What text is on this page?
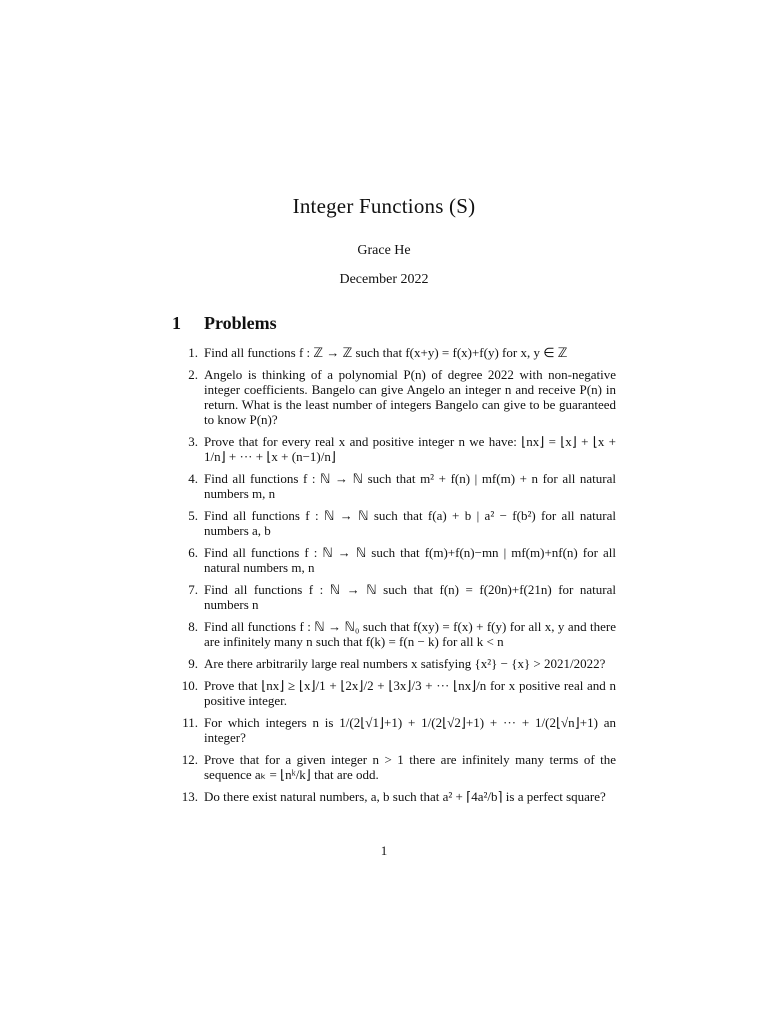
Integer Functions (S)
Grace He
December 2022
1 Problems
1. Find all functions f : ℤ → ℤ such that f(x+y) = f(x)+f(y) for x, y ∈ ℤ
2. Angelo is thinking of a polynomial P(n) of degree 2022 with non-negative integer coefficients. Bangelo can give Angelo an integer n and receive P(n) in return. What is the least number of integers Bangelo can give to be guaranteed to know P(n)?
3. Prove that for every real x and positive integer n we have: ⌊nx⌋ = ⌊x⌋ + ⌊x + 1/n⌋ + ··· + ⌊x + (n−1)/n⌋
4. Find all functions f : ℕ → ℕ such that m² + f(n) | mf(m) + n for all natural numbers m, n
5. Find all functions f : ℕ → ℕ such that f(a) + b | a² − f(b²) for all natural numbers a, b
6. Find all functions f : ℕ → ℕ such that f(m)+f(n)−mn | mf(m)+nf(n) for all natural numbers m, n
7. Find all functions f : ℕ → ℕ such that f(n) = f(20n)+f(21n) for natural numbers n
8. Find all functions f : ℕ → ℕ₀ such that f(xy) = f(x) + f(y) for all x, y and there are infinitely many n such that f(k) = f(n − k) for all k < n
9. Are there arbitrarily large real numbers x satisfying {x²} − {x} > 2021/2022?
10. Prove that ⌊nx⌋ ≥ ⌊x⌋/1 + ⌊2x⌋/2 + ⌊3x⌋/3 + ··· ⌊nx⌋/n for x positive real and n positive integer.
11. For which integers n is 1/(2⌊√1⌋+1) + 1/(2⌊√2⌋+1) + ··· + 1/(2⌊√n⌋+1) an integer?
12. Prove that for a given integer n > 1 there are infinitely many terms of the sequence aₖ = ⌊nᵏ/k⌋ that are odd.
13. Do there exist natural numbers, a, b such that a² + ⌈4a²/b⌉ is a perfect square?
1
